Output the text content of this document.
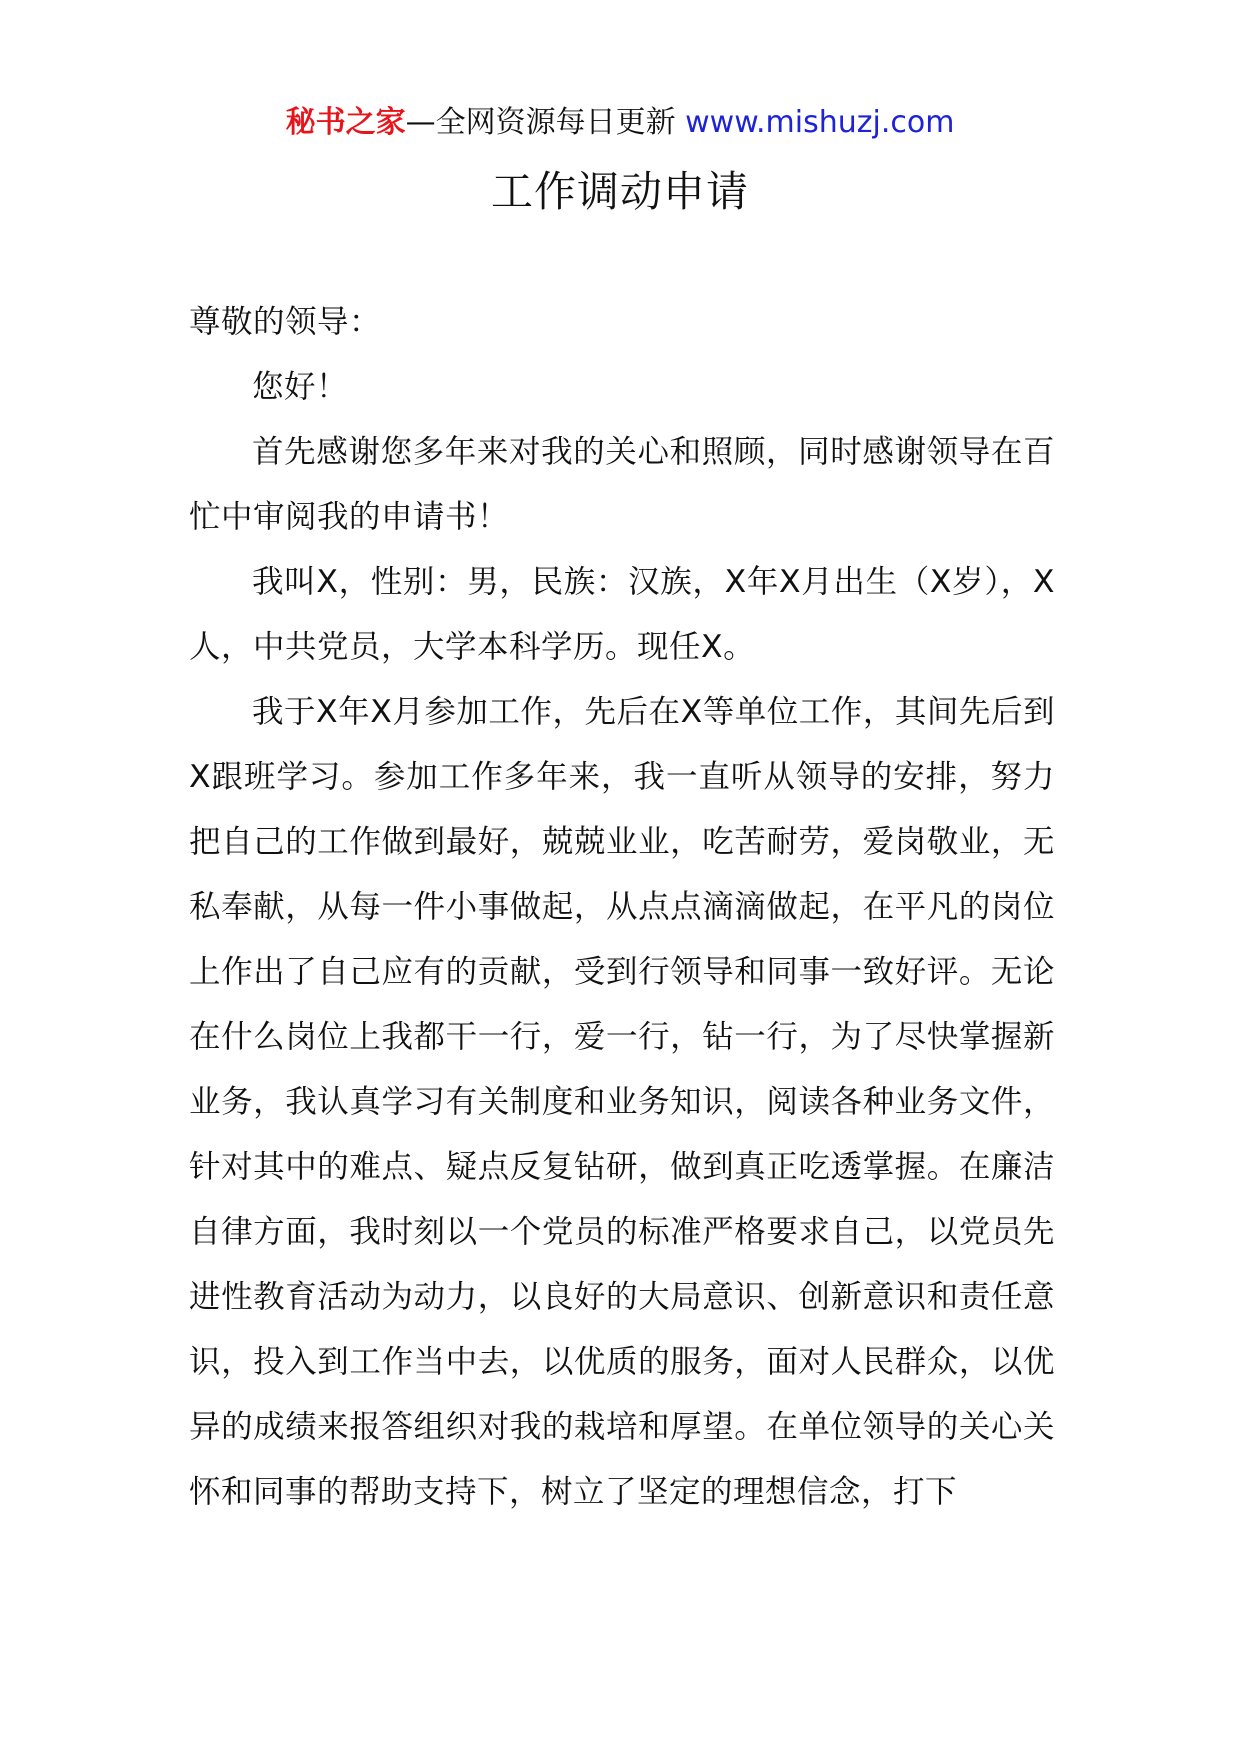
秘书之家—全网资源每日更新 www.mishuzj.com
工作调动申请

尊敬的领导：

您好！

首先感谢您多年来对我的关心和照顾，同时感谢领导在百忙中审阅我的申请书！

我叫X，性别：男，民族：汉族，X年X月出生（X岁），X人，中共党员，大学本科学历。现任X。

我于X年X月参加工作，先后在X等单位工作，其间先后到X跟班学习。参加工作多年来，我一直听从领导的安排，努力把自己的工作做到最好，兢兢业业，吃苦耐劳，爱岗敬业，无私奉献，从每一件小事做起，从点点滴滴做起，在平凡的岗位上作出了自己应有的贡献，受到行领导和同事一致好评。无论在什么岗位上我都干一行，爱一行，钻一行，为了尽快掌握新业务，我认真学习有关制度和业务知识，阅读各种业务文件，针对其中的难点、疑点反复钻研，做到真正吃透掌握。在廉洁自律方面，我时刻以一个党员的标准严格要求自己，以党员先进性教育活动为动力，以良好的大局意识、创新意识和责任意识，投入到工作当中去，以优质的服务，面对人民群众，以优异的成绩来报答组织对我的栽培和厚望。在单位领导的关心关怀和同事的帮助支持下，树立了坚定的理想信念，打下
